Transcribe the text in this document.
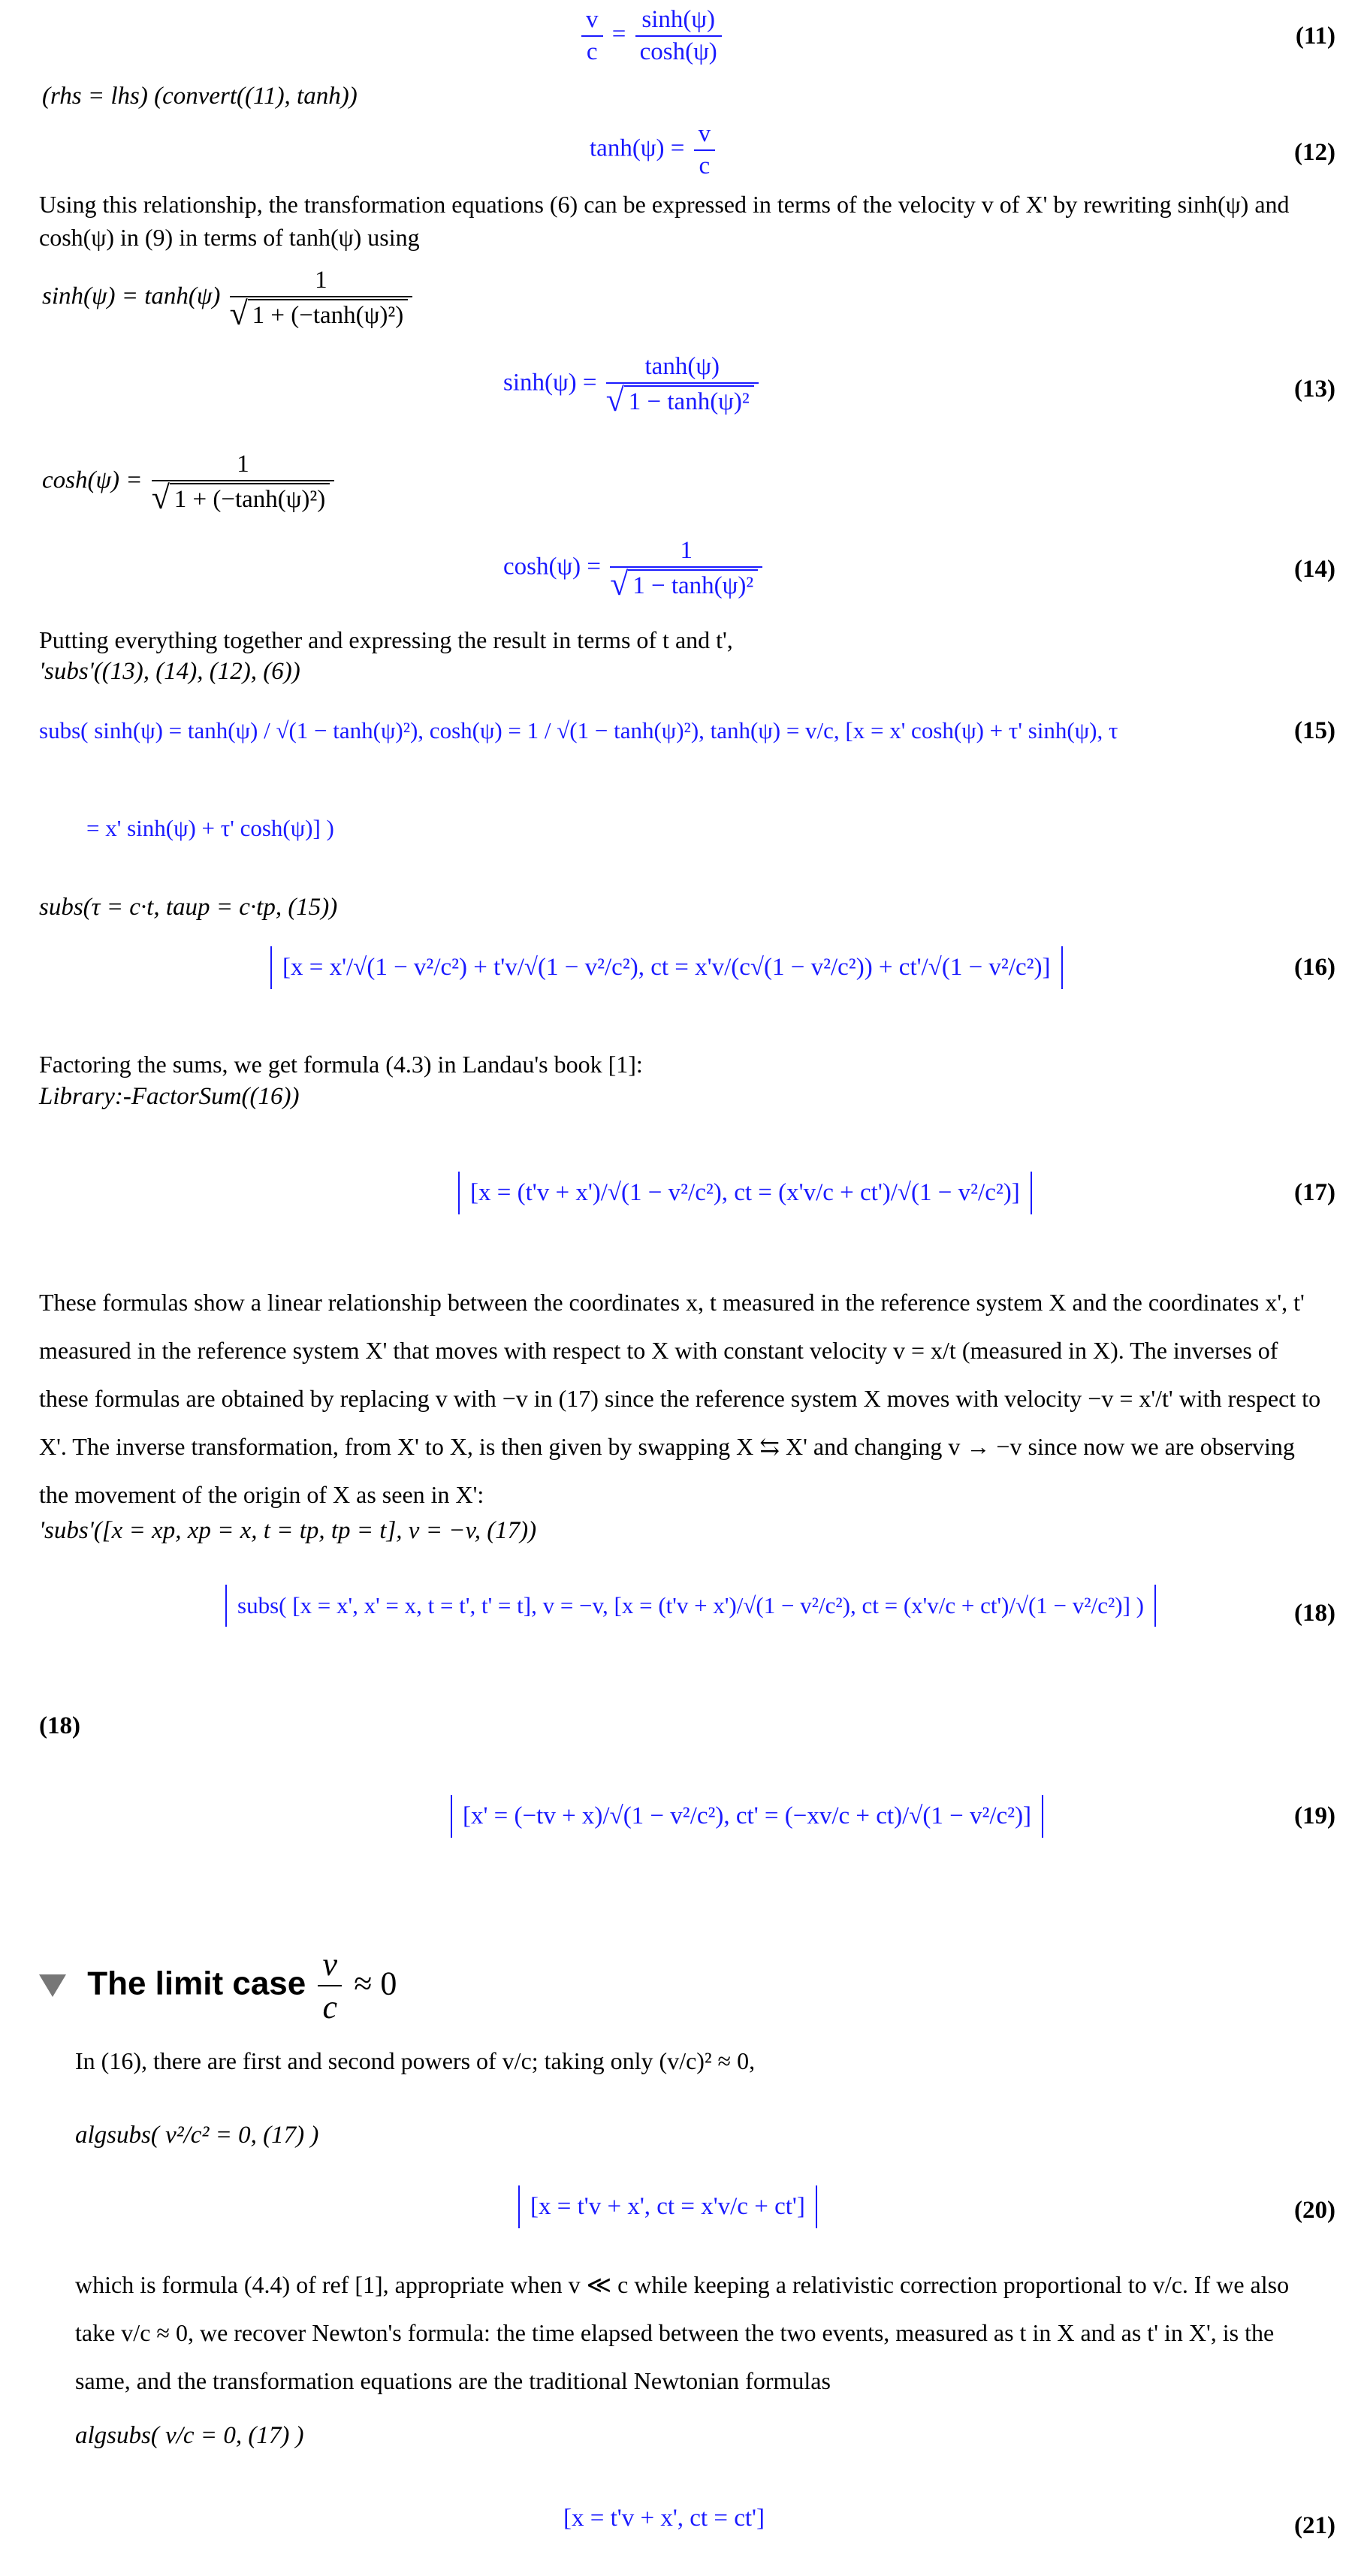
$\frac{v}{c} = \frac{\sinh(\psi)}{\cosh(\psi)}$	(11)
(rhs = lhs) (convert((11), tanh))
$\tanh(\psi) = \frac{v}{c}$	(12)
Using this relationship, the transformation equations (6) can be expressed in terms of the velocity v of X' by rewriting sinh(ψ) and cosh(ψ) in (9) in terms of tanh(ψ) using
sinh(ψ) = tanh(ψ) 1
√ 1 + (−tanh(ψ)²)
sinh(ψ) = tanh(ψ)
√ 1 − tanh(ψ)²	(13)
cosh(ψ) = 1
√ 1 + (−tanh(ψ)²)
cosh(ψ) = 1
√ 1 − tanh(ψ)²	(14)
Putting everything together and expressing the result in terms of t and t',
'subs'((13), (14), (12), (6))
subs( sinh(ψ) = tanh(ψ) / √(1 − tanh(ψ)²), cosh(ψ) = 1 / √(1 − tanh(ψ)²), tanh(ψ) = v/c, [x = x' cosh(ψ) + τ' sinh(ψ), τ	(15)
= x' sinh(ψ) + τ' cosh(ψ)] )
subs(τ = c·t, taup = c·tp, (15))
[x = x'/√(1 − v²/c²) + t'v/√(1 − v²/c²), ct = x'v/(c√(1 − v²/c²)) + ct'/√(1 − v²/c²)]	(16)
Factoring the sums, we get formula (4.3) in Landau's book [1]:
Library:-FactorSum((16))
[x = (t'v + x')/√(1 − v²/c²), ct = (x'v/c + ct')/√(1 − v²/c²)]	(17)
These formulas show a linear relationship between the coordinates x, t measured in the reference system X and the coordinates x', t' measured in the reference system X' that moves with respect to X with constant velocity v = x/t (measured in X). The inverses of these formulas are obtained by replacing v with −v in (17) since the reference system X moves with velocity −v = x'/t' with respect to X'. The inverse transformation, from X' to X, is then given by swapping X ⇆ X' and changing v → −v since now we are observing the movement of the origin of X as seen in X':
'subs'([x = xp, xp = x, t = tp, tp = t], v = −v, (17))
subs( [x = x', x' = x, t = t', t' = t], v = −v, [x = (t'v + x')/√(1 − v²/c²), ct = (x'v/c + ct')/√(1 − v²/c²)] )	(18)
(18)
[x' = (−tv + x)/√(1 − v²/c²), ct' = (−xv/c + ct)/√(1 − v²/c²)]	(19)
The limit case $\frac{v}{c} \approx 0$
In (16), there are first and second powers of v/c; taking only (v/c)² ≈ 0,
algsubs( v²/c² = 0, (17) )
[x = t'v + x', ct = x'v/c + ct']	(20)
which is formula (4.4) of ref [1], appropriate when v ≪ c while keeping a relativistic correction proportional to v/c. If we also take v/c ≈ 0, we recover Newton's formula: the time elapsed between the two events, measured as t in X and as t' in X', is the same, and the transformation equations are the traditional Newtonian formulas
algsubs( v/c = 0, (17) )
[x = t'v + x', ct = ct']	(21)
